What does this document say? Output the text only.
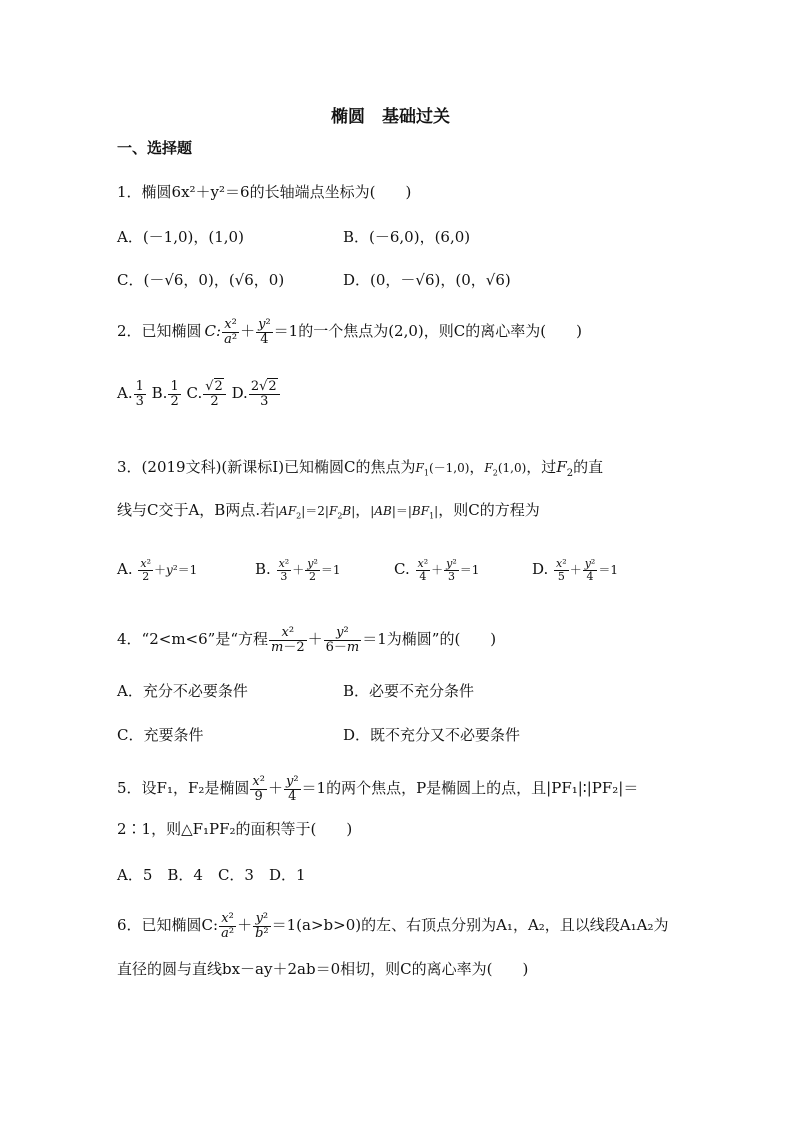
椭圆　基础过关
一、选择题
1．椭圆6x²＋y²＝6的长轴端点坐标为(　　)
A．(－1,0)，(1,0)	B．(－6,0)，(6,0)
C．(－√6，0)，(√6，0)	D．(0，－√6)，(0，√6)
2．已知椭圆 C: $\frac{\text{x²}}{\text{a²}} + \frac{\text{y²}}{4} =1$的一个焦点为(2,0)，则C的离心率为(　　)
A. $\frac{1}{3} B$. $\frac{1}{2} C$. $\frac{√2}{2} D$. $\frac{2√2}{3}$
3．(2019文科)(新课标Ⅰ)已知椭圆C的焦点为$F_1(-1,0)$，$F_2(1,0)$，过$F_2$的直
线与C交于A，B两点.若$|AF_2|=2|F_2B|$，$|AB|=|BF_1|$，则C的方程为
A. $\frac{\text{x²}}{2} +y^2=1$	B. $\frac{\text{x²}}{3} + \frac{\text{y²}}{2} =1$	C. $\frac{\text{x²}}{4} + \frac{\text{y²}}{3} =1$	D. $\frac{\text{x²}}{5} + \frac{\text{y²}}{4} =1$
4．“2<m<6”是“方程 $\frac{\text{x²}}{m-2} + \frac{\text{y²}}{6-m} =1$为椭圆”的(　　)
A．充分不必要条件	B．必要不充分条件
C．充要条件	D．既不充分又不必要条件
5．设F₁，F₂是椭圆 $\frac{\text{x²}}{9} + \frac{\text{y²}}{4} =1$的两个焦点，P是椭圆上的点，且|PF₁|∶|PF₂|＝
2∶1，则△F₁PF₂的面积等于(　　)
A．5　B．4　C．3　D．1
6．已知椭圆C: $\frac{\text{x²}}{\text{a²}} + \frac{\text{y²}}{\text{b²}} =1(a>b>0)$的左、右顶点分别为A₁，A₂，且以线段A₁A₂为
直径的圆与直线bx－ay＋2ab＝0相切，则C的离心率为(　　)
